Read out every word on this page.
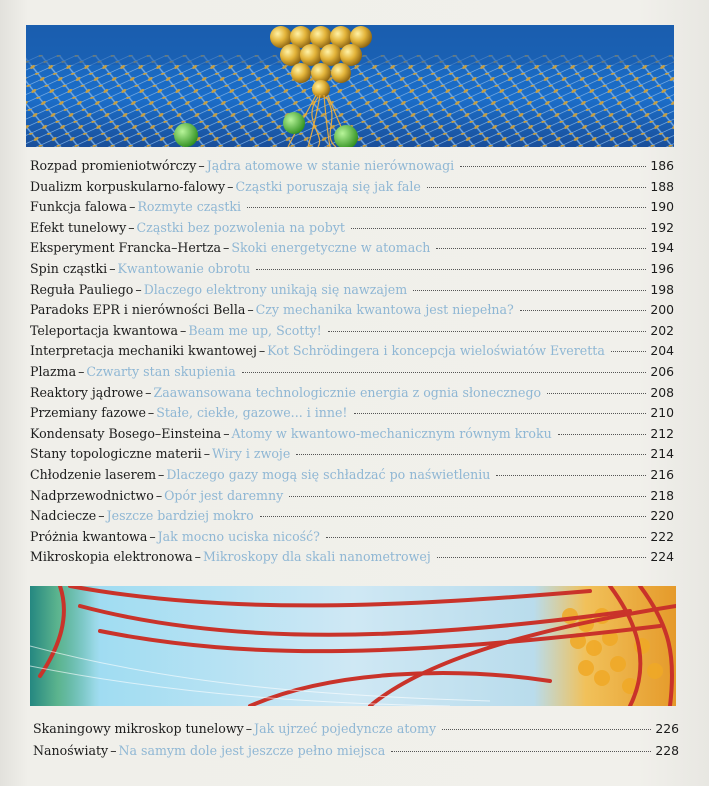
Rozpad promieniotwórczy – Jądra atomowe w stanie nierównowagi	186
Dualizm korpuskularno-falowy – Cząstki poruszają się jak fale	188
Funkcja falowa – Rozmyte cząstki	190
Efekt tunelowy – Cząstki bez pozwolenia na pobyt	192
Eksperyment Francka–Hertza – Skoki energetyczne w atomach	194
Spin cząstki – Kwantowanie obrotu	196
Reguła Pauliego – Dlaczego elektrony unikają się nawzajem	198
Paradoks EPR i nierówności Bella – Czy mechanika kwantowa jest niepełna?	200
Teleportacja kwantowa – Beam me up, Scotty!	202
Interpretacja mechaniki kwantowej – Kot Schrödingera i koncepcja wieloświatów Everetta	204
Plazma – Czwarty stan skupienia	206
Reaktory jądrowe – Zaawansowana technologicznie energia z ognia słonecznego	208
Przemiany fazowe – Stałe, ciekłe, gazowe... i inne!	210
Kondensaty Bosego–Einsteina – Atomy w kwantowo-mechanicznym równym kroku	212
Stany topologiczne materii – Wiry i zwoje	214
Chłodzenie laserem – Dlaczego gazy mogą się schładzać po naświetleniu	216
Nadprzewodnictwo – Opór jest daremny	218
Nadciecze – Jeszcze bardziej mokro	220
Próżnia kwantowa – Jak mocno uciska nicość?	222
Mikroskopia elektronowa – Mikroskopy dla skali nanometrowej	224
Skaningowy mikroskop tunelowy – Jak ujrzeć pojedyncze atomy	226
Nanoświaty – Na samym dole jest jeszcze pełno miejsca	228
